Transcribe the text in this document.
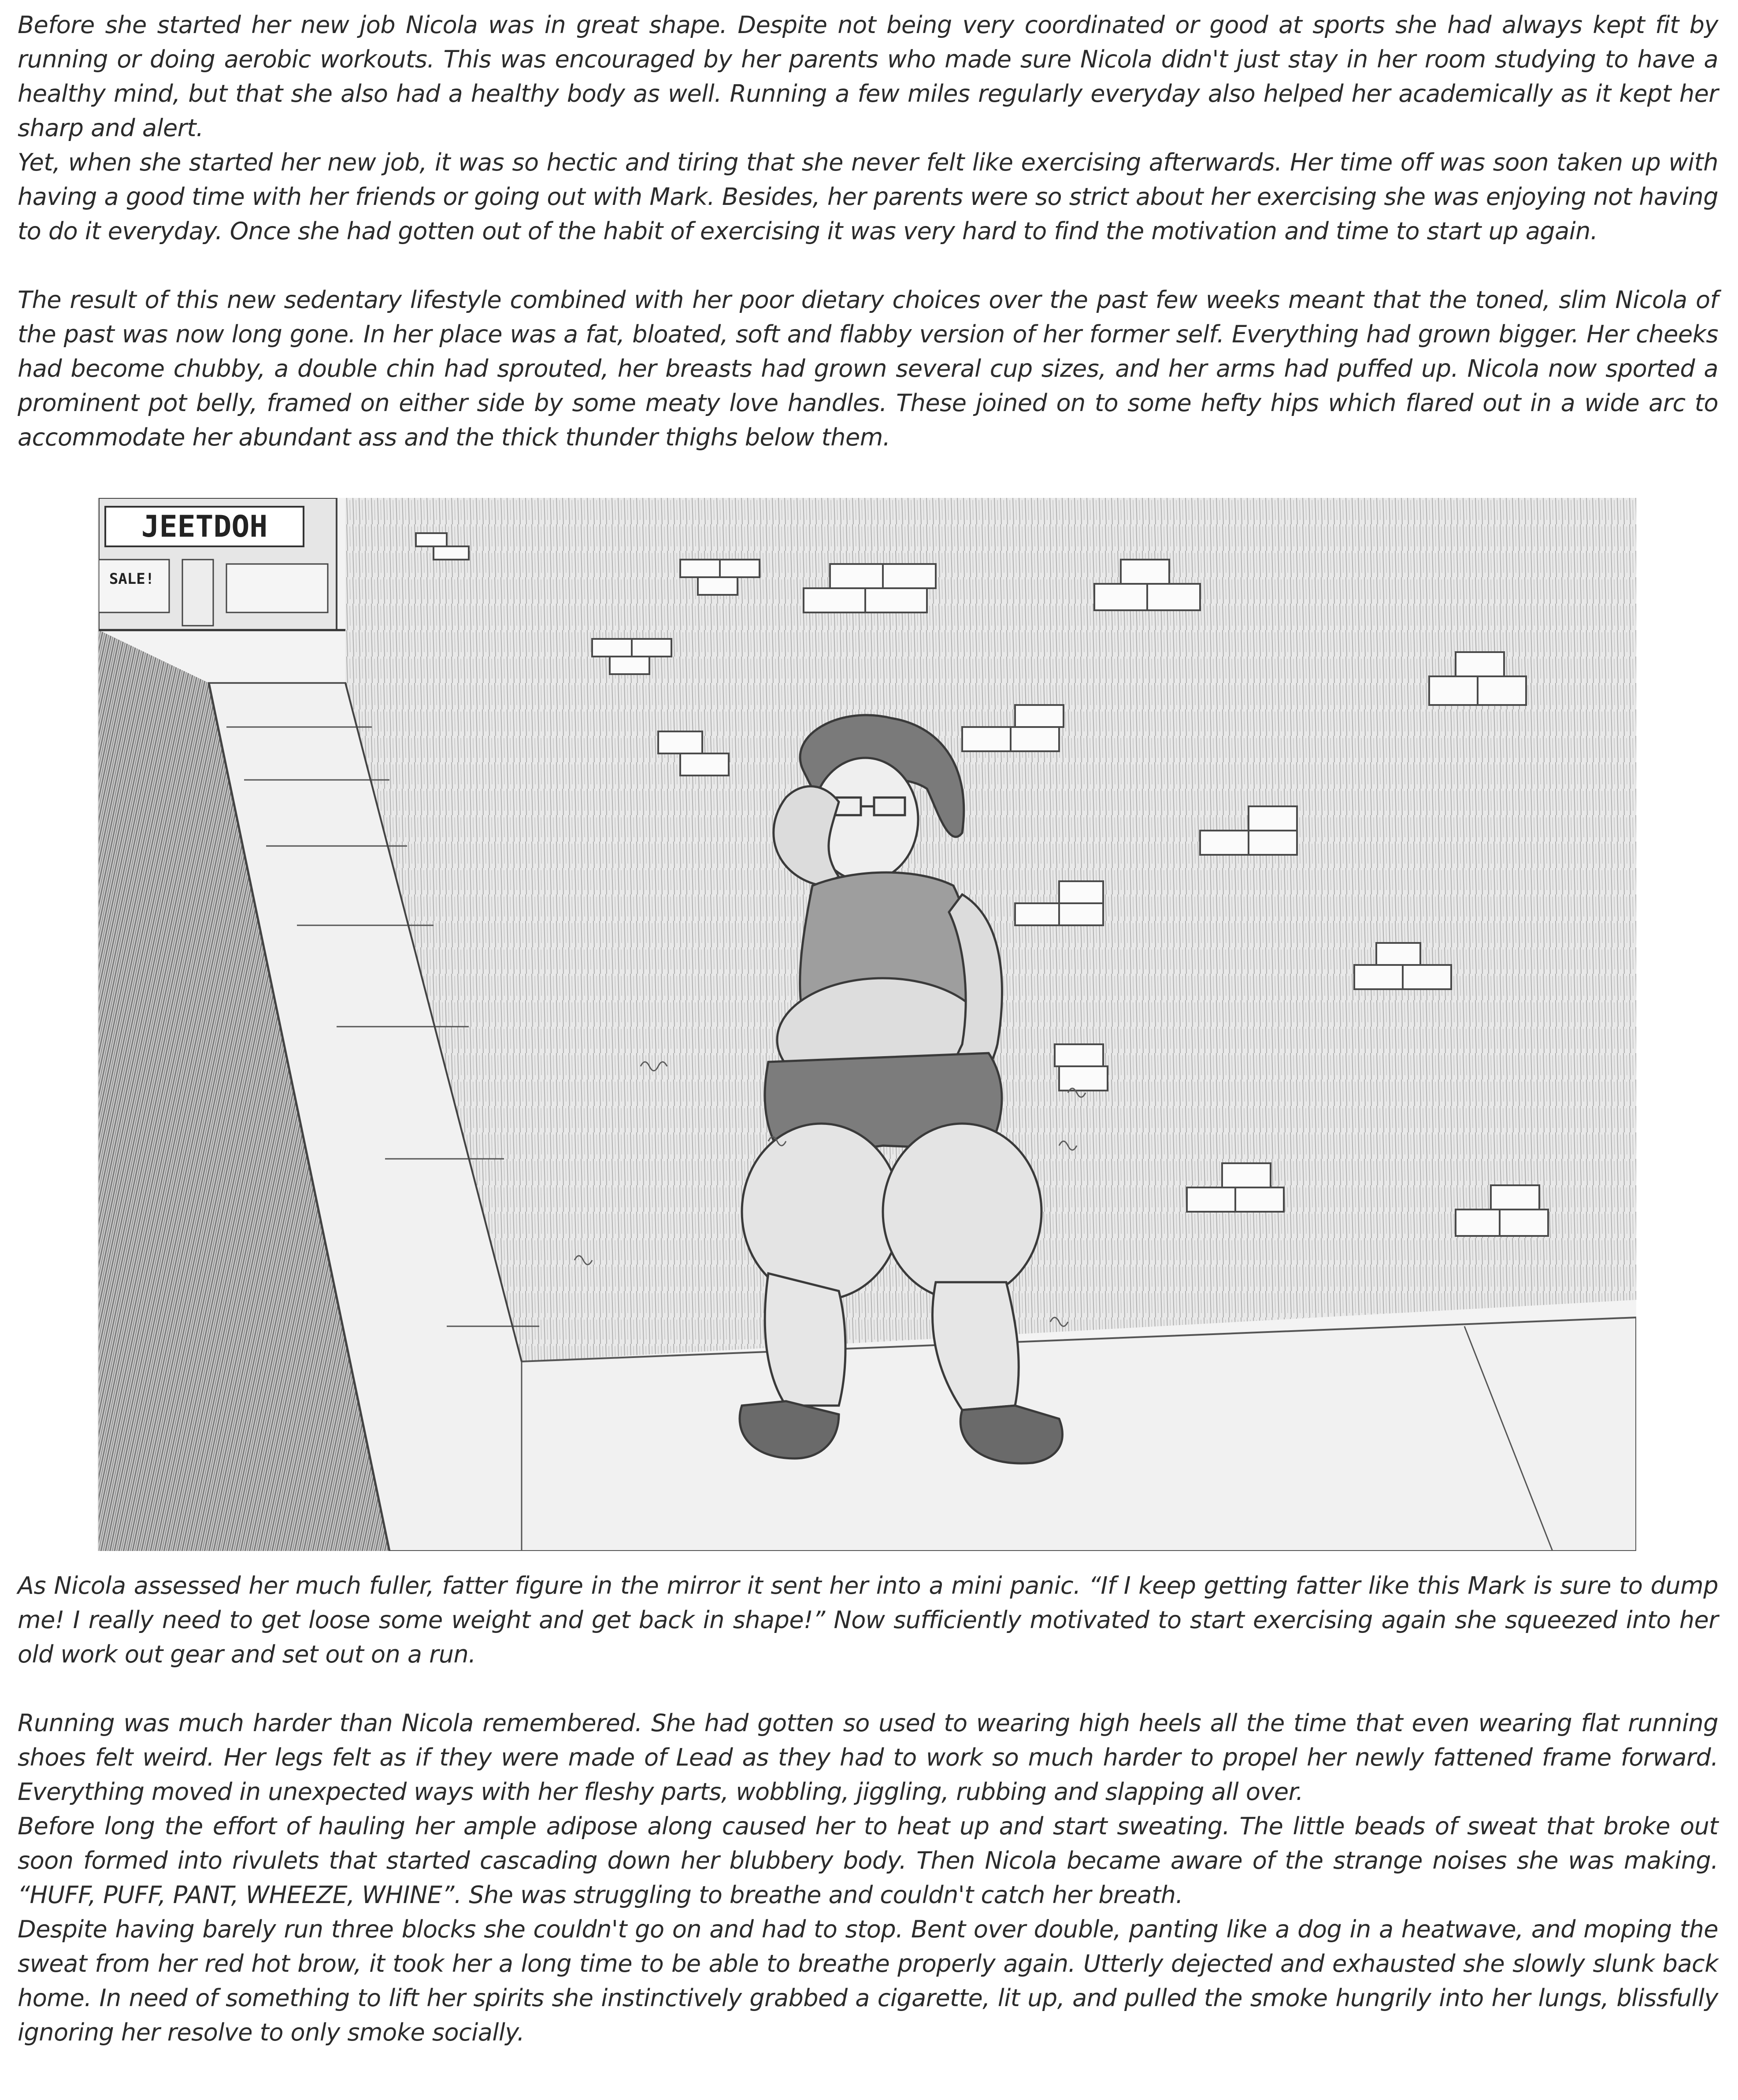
Before she started her new job Nicola was in great shape. Despite not being very coordinated or good at sports she had always kept fit by running or doing aerobic workouts. This was encouraged by her parents who made sure Nicola didn't just stay in her room studying to have a healthy mind, but that she also had a healthy body as well. Running a few miles regularly everyday also helped her academically as it kept her sharp and alert.

Yet, when she started her new job, it was so hectic and tiring that she never felt like exercising afterwards. Her time off was soon taken up with having a good time with her friends or going out with Mark. Besides, her parents were so strict about her exercising she was enjoying not having to do it everyday. Once she had gotten out of the habit of exercising it was very hard to find the motivation and time to start up again.

The result of this new sedentary lifestyle combined with her poor dietary choices over the past few weeks meant that the toned, slim Nicola of the past was now long gone. In her place was a fat, bloated, soft and flabby version of her former self. Everything had grown bigger. Her cheeks had become chubby, a double chin had sprouted, her breasts had grown several cup sizes, and her arms had puffed up. Nicola now sported a prominent pot belly, framed on either side by some meaty love handles. These joined on to some hefty hips which flared out in a wide arc to accommodate her abundant ass and the thick thunder thighs below them.

JEETDOH
SALE!

As Nicola assessed her much fuller, fatter figure in the mirror it sent her into a mini panic. “If I keep getting fatter like this Mark is sure to dump me! I really need to get loose some weight and get back in shape!” Now sufficiently motivated to start exercising again she squeezed into her old work out gear and set out on a run.

Running was much harder than Nicola remembered. She had gotten so used to wearing high heels all the time that even wearing flat running shoes felt weird. Her legs felt as if they were made of Lead as they had to work so much harder to propel her newly fattened frame forward. Everything moved in unexpected ways with her fleshy parts, wobbling, jiggling, rubbing and slapping all over.

Before long the effort of hauling her ample adipose along caused her to heat up and start sweating. The little beads of sweat that broke out soon formed into rivulets that started cascading down her blubbery body. Then Nicola became aware of the strange noises she was making. “HUFF, PUFF, PANT, WHEEZE, WHINE”. She was struggling to breathe and couldn't catch her breath.

Despite having barely run three blocks she couldn't go on and had to stop. Bent over double, panting like a dog in a heatwave, and moping the sweat from her red hot brow, it took her a long time to be able to breathe properly again. Utterly dejected and exhausted she slowly slunk back home. In need of something to lift her spirits she instinctively grabbed a cigarette, lit up, and pulled the smoke hungrily into her lungs, blissfully ignoring her resolve to only smoke socially.
